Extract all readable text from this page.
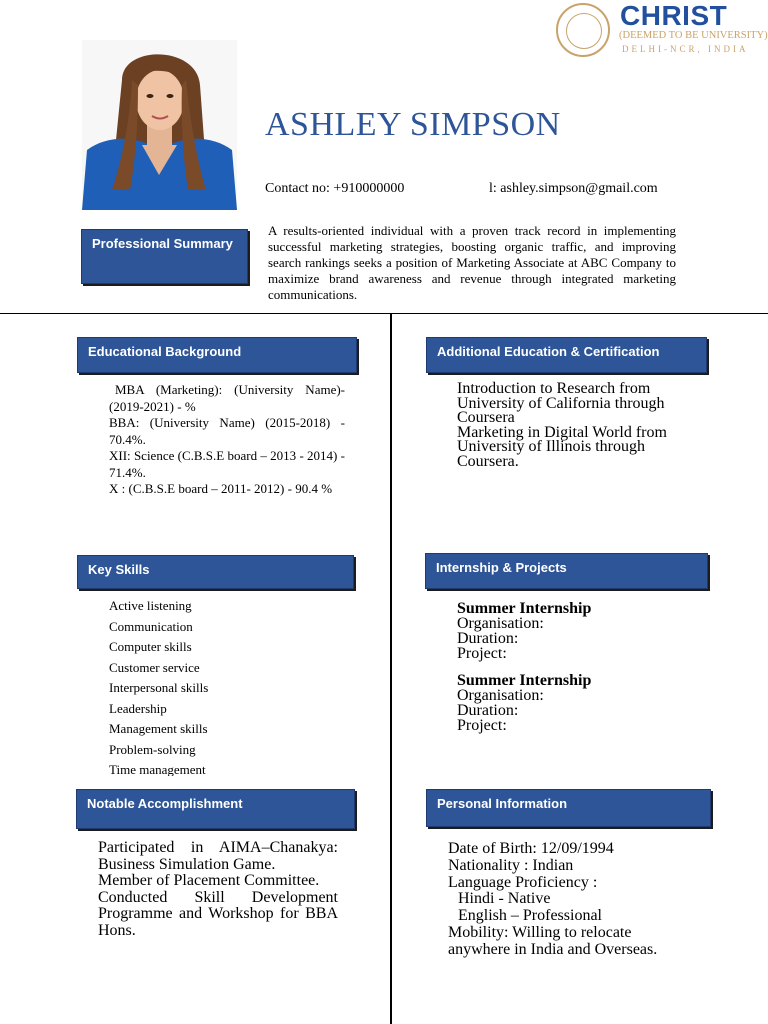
CHRIST
(DEEMED TO BE UNIVERSITY)
DELHI-NCR, INDIA
ASHLEY SIMPSON
Contact no: +910000000	l: ashley.simpson@gmail.com
Professional Summary
A results-oriented individual with a proven track record in implementing successful marketing strategies, boosting organic traffic, and improving search rankings seeks a position of Marketing Associate at ABC Company to maximize brand awareness and revenue through integrated marketing communications.
Educational Background
MBA (Marketing): (University Name)- (2019-2021) - %
BBA: (University Name) (2015-2018) - 70.4%.
XII: Science (C.B.S.E board – 2013 - 2014) - 71.4%.
X : (C.B.S.E board – 2011- 2012) - 90.4 %
Additional Education & Certification
Introduction to Research from University of California through Coursera
Marketing in Digital World from University of Illinois through Coursera.
Key Skills
Active listening
Communication
Computer skills
Customer service
Interpersonal skills
Leadership
Management skills
Problem-solving
Time management
Internship & Projects
Summer Internship
Organisation:
Duration:
Project:
Summer Internship
Organisation:
Duration:
Project:
Notable Accomplishment
Participated in AIMA–Chanakya: Business Simulation Game.
Member of Placement Committee.
Conducted Skill Development Programme and Workshop for BBA Hons.
Personal Information
Date of Birth: 12/09/1994
Nationality : Indian
Language Proficiency :
Hindi - Native
English – Professional
Mobility: Willing to relocate anywhere in India and Overseas.
